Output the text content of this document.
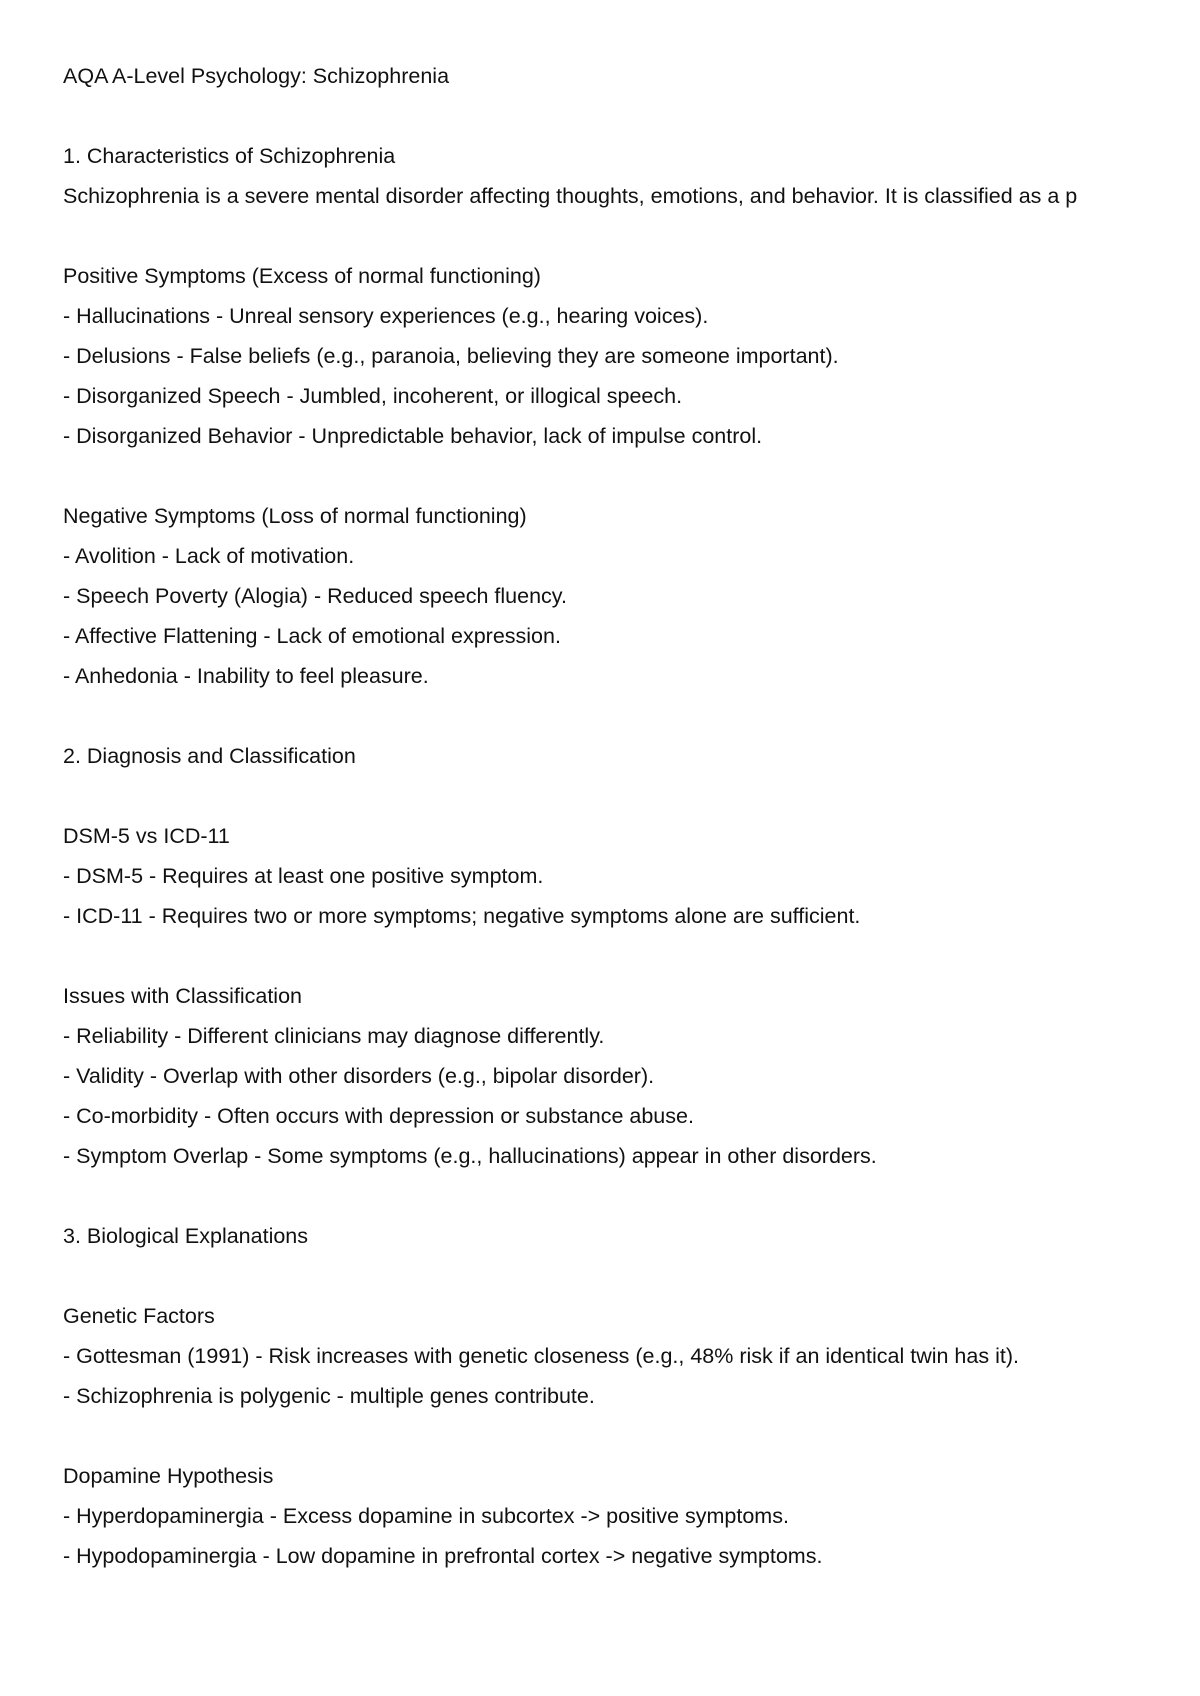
AQA A-Level Psychology: Schizophrenia
1. Characteristics of Schizophrenia
Schizophrenia is a severe mental disorder affecting thoughts, emotions, and behavior. It is classified as a p
Positive Symptoms (Excess of normal functioning)
- Hallucinations - Unreal sensory experiences (e.g., hearing voices).
- Delusions - False beliefs (e.g., paranoia, believing they are someone important).
- Disorganized Speech - Jumbled, incoherent, or illogical speech.
- Disorganized Behavior - Unpredictable behavior, lack of impulse control.
Negative Symptoms (Loss of normal functioning)
- Avolition - Lack of motivation.
- Speech Poverty (Alogia) - Reduced speech fluency.
- Affective Flattening - Lack of emotional expression.
- Anhedonia - Inability to feel pleasure.
2. Diagnosis and Classification
DSM-5 vs ICD-11
- DSM-5 - Requires at least one positive symptom.
- ICD-11 - Requires two or more symptoms; negative symptoms alone are sufficient.
Issues with Classification
- Reliability - Different clinicians may diagnose differently.
- Validity - Overlap with other disorders (e.g., bipolar disorder).
- Co-morbidity - Often occurs with depression or substance abuse.
- Symptom Overlap - Some symptoms (e.g., hallucinations) appear in other disorders.
3. Biological Explanations
Genetic Factors
- Gottesman (1991) - Risk increases with genetic closeness (e.g., 48% risk if an identical twin has it).
- Schizophrenia is polygenic - multiple genes contribute.
Dopamine Hypothesis
- Hyperdopaminergia - Excess dopamine in subcortex -> positive symptoms.
- Hypodopaminergia - Low dopamine in prefrontal cortex -> negative symptoms.
